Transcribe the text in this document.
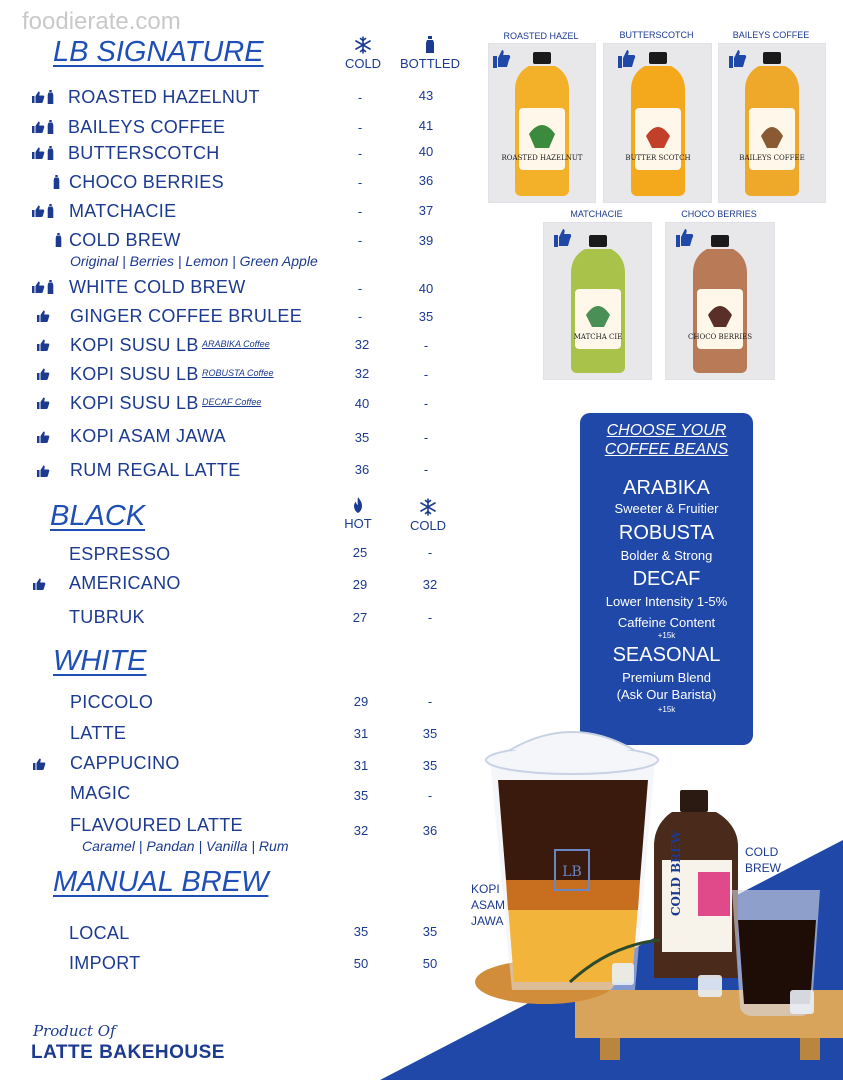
foodierate.com
LB SIGNATURE	COLD	BOTTLED
ROASTED HAZELNUT	-	43
BAILEYS COFFEE	-	41
BUTTERSCOTCH	-	40
CHOCO BERRIES	-	36
MATCHACIE	-	37
COLD BREW	-	39
Original | Berries | Lemon | Green Apple
WHITE COLD BREW	-	40
GINGER COFFEE BRULEE	-	35
KOPI SUSU LB ARABIKA Coffee	32	-
KOPI SUSU LB ROBUSTA Coffee	32	-
KOPI SUSU LB DECAF Coffee	40	-
KOPI ASAM JAWA	35	-
RUM REGAL LATTE	36	-
BLACK	HOT	COLD
ESPRESSO	25	-
AMERICANO	29	32
TUBRUK	27	-
WHITE
PICCOLO	29	-
LATTE	31	35
CAPPUCINO	31	35
MAGIC	35	-
FLAVOURED LATTE	32	36
Caramel | Pandan | Vanilla | Rum
MANUAL BREW
LOCAL	35	35
IMPORT	50	50
Product Of
LATTE BAKEHOUSE
ROASTED HAZEL	BUTTERSCOTCH	BAILEYS COFFEE
MATCHACIE	CHOCO BERRIES
ROASTED HAZELNUT	BUTTER SCOTCH	BAILEYS COFFEE
MATCHA CIE	CHOCO BERRIES
CHOOSE YOUR
COFFEE BEANS
ARABIKA
Sweeter & Fruitier
ROBUSTA
Bolder & Strong
DECAF
Lower Intensity 1-5%
Caffeine Content
+15k
SEASONAL
Premium Blend
(Ask Our Barista)
+15k
LB	COLD BREW
KOPI
ASAM
JAWA
COLD
BREW
